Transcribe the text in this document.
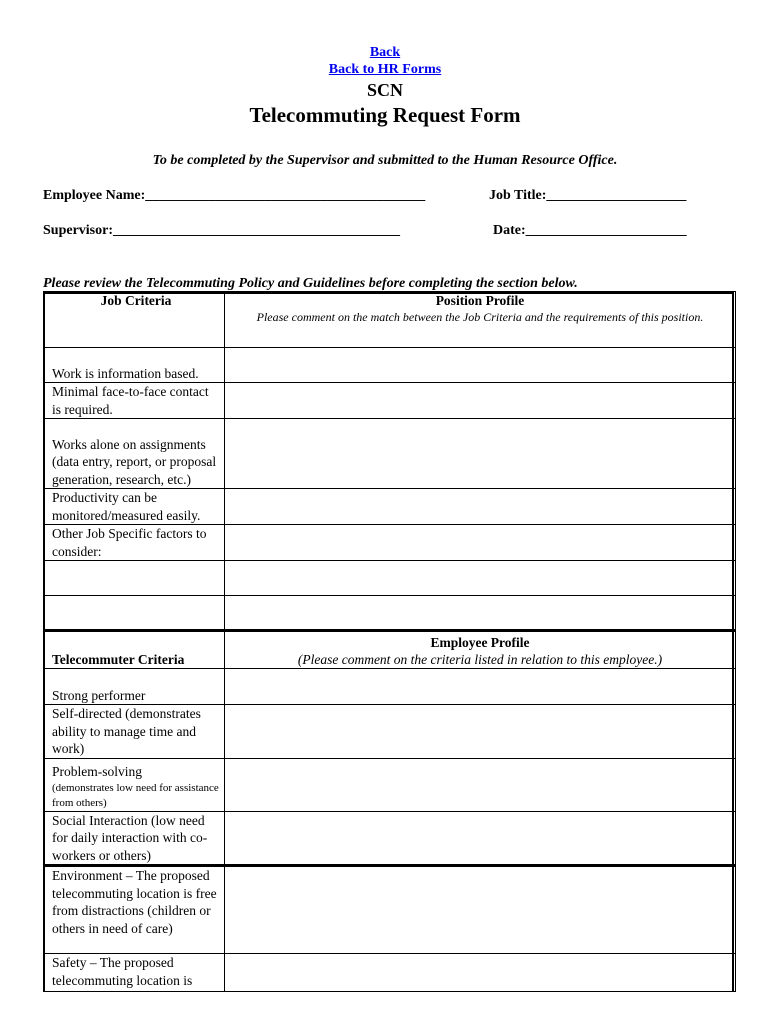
Back
Back to HR Forms
SCN
Telecommuting Request Form
To be completed by the Supervisor and submitted to the Human Resource Office.
Employee Name:________________________________________	Job Title:____________________
Supervisor:_________________________________________	Date:_______________________
Please review the Telecommuting Policy and Guidelines before completing the section below.
Job Criteria	Position Profile
Please comment on the match between the Job Criteria and the requirements of this position.

Work is information based.	
Minimal face-to-face contact is required.	
Works alone on assignments (data entry, report, or proposal generation, research, etc.)	
Productivity can be monitored/measured easily.	
Other Job Specific factors to consider:	

Telecommuter Criteria	Employee Profile
(Please comment on the criteria listed in relation to this employee.)

Strong performer	
Self-directed (demonstrates ability to manage time and work)	

Problem-solving
(demonstrates low need for assistance from others)	

Social Interaction (low need for daily interaction with co-workers or others)	
Environment – The proposed telecommuting location is free from distractions (children or others in need of care)	
Safety – The proposed telecommuting location is	
